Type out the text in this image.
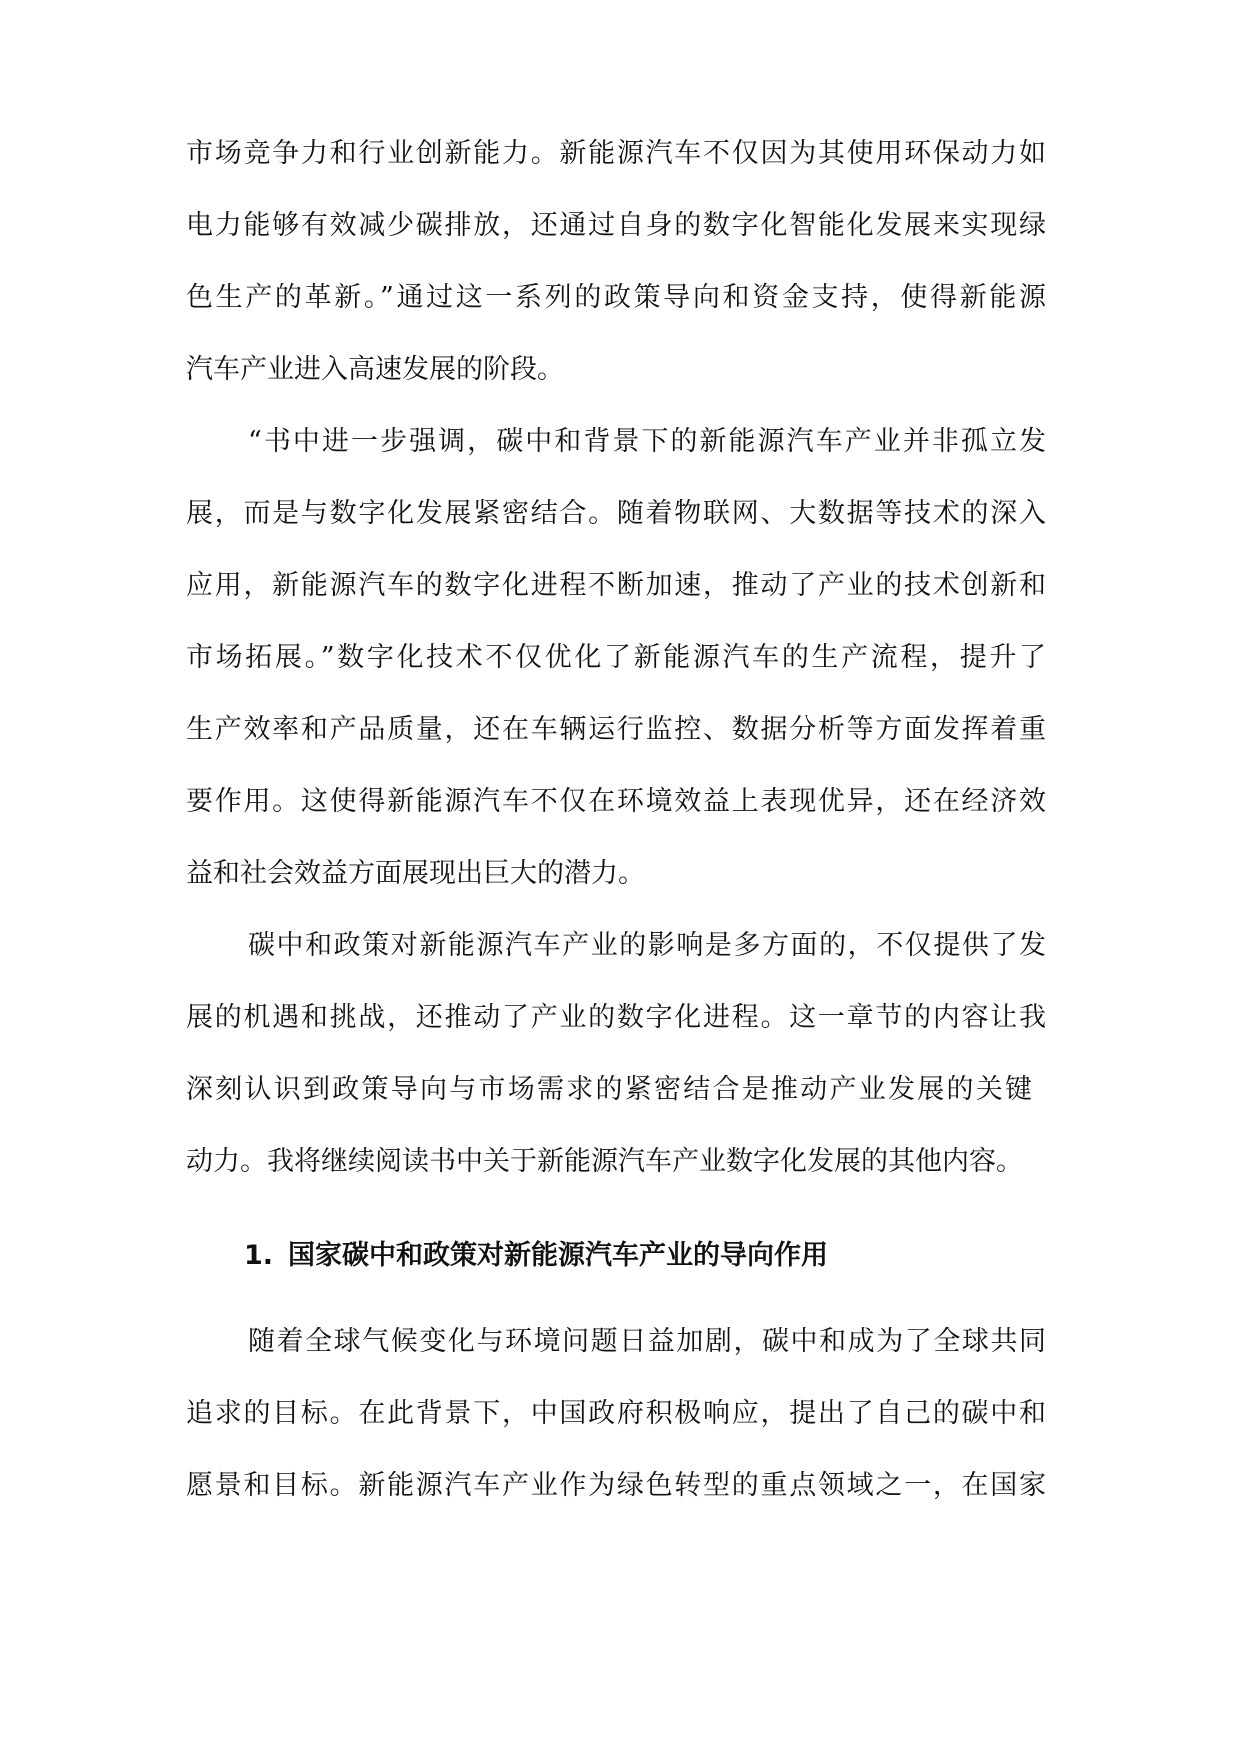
市场竞争力和行业创新能力。新能源汽车不仅因为其使用环保动力如
电力能够有效减少碳排放，还通过自身的数字化智能化发展来实现绿
色生产的革新。”通过这一系列的政策导向和资金支持，使得新能源
汽车产业进入高速发展的阶段。
“书中进一步强调，碳中和背景下的新能源汽车产业并非孤立发
展，而是与数字化发展紧密结合。随着物联网、大数据等技术的深入
应用，新能源汽车的数字化进程不断加速，推动了产业的技术创新和
市场拓展。”数字化技术不仅优化了新能源汽车的生产流程，提升了
生产效率和产品质量，还在车辆运行监控、数据分析等方面发挥着重
要作用。这使得新能源汽车不仅在环境效益上表现优异，还在经济效
益和社会效益方面展现出巨大的潜力。
碳中和政策对新能源汽车产业的影响是多方面的，不仅提供了发
展的机遇和挑战，还推动了产业的数字化进程。这一章节的内容让我
深刻认识到政策导向与市场需求的紧密结合是推动产业发展的关键
动力。我将继续阅读书中关于新能源汽车产业数字化发展的其他内容。
1. 国家碳中和政策对新能源汽车产业的导向作用
随着全球气候变化与环境问题日益加剧，碳中和成为了全球共同
追求的目标。在此背景下，中国政府积极响应，提出了自己的碳中和
愿景和目标。新能源汽车产业作为绿色转型的重点领域之一，在国家
